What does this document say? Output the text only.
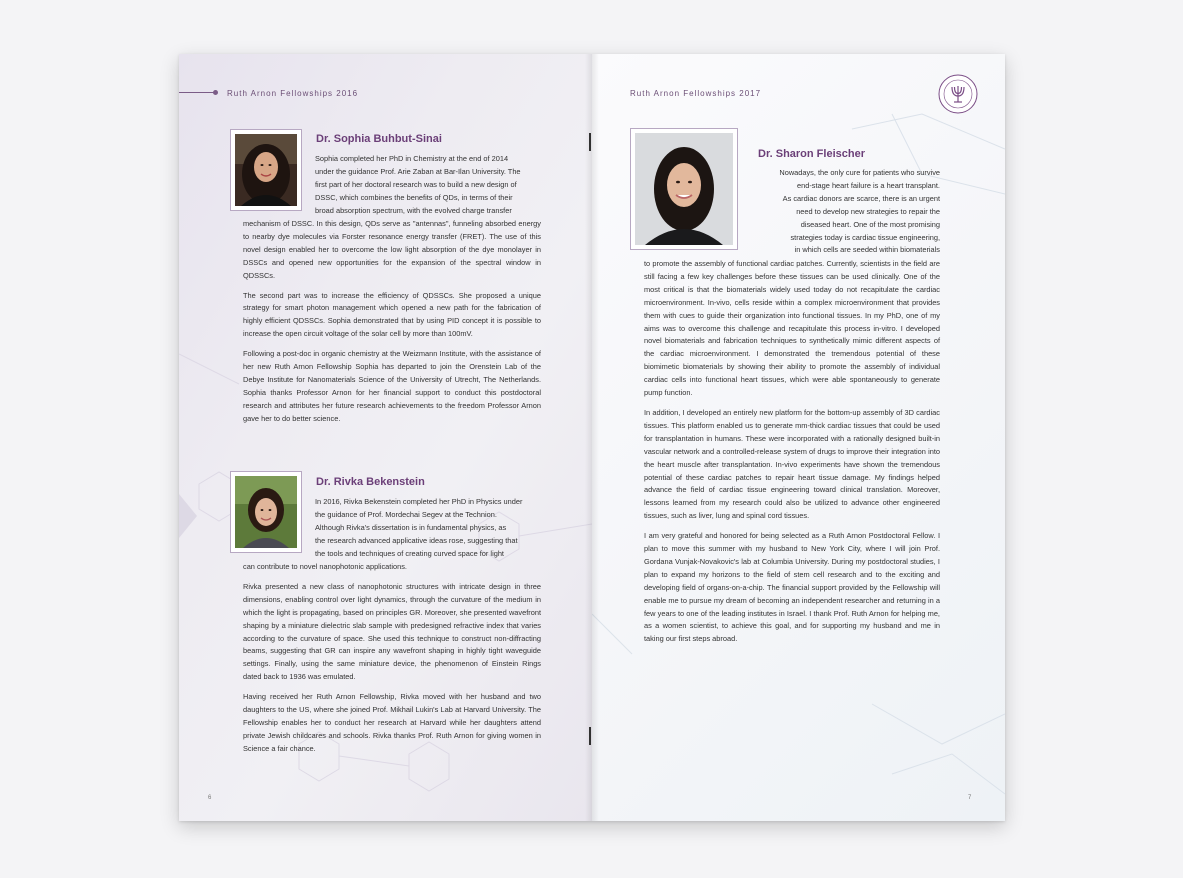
Ruth Arnon Fellowships 2016
Dr. Sophia Buhbut-Sinai
Sophia completed her PhD in Chemistry at the end of 2014
under the guidance Prof. Arie Zaban at Bar-Ilan University. The
first part of her doctoral research was to build a new design of
DSSC, which combines the benefits of QDs, in terms of their
broad absorption spectrum, with the evolved charge transfer

mechanism of DSSC. In this design, QDs serve as "antennas", funneling absorbed energy to nearby dye molecules via Forster resonance energy transfer (FRET). The use of this novel design enabled her to overcome the low light absorption of the dye monolayer in DSSCs and opened new opportunities for the expansion of the spectral window in QDSSCs.

The second part was to increase the efficiency of QDSSCs. She proposed a unique strategy for smart photon management which opened a new path for the fabrication of highly efficient QDSSCs. Sophia demonstrated that by using PID concept it is possible to increase the open circuit voltage of the solar cell by more than 100mV.

Following a post-doc in organic chemistry at the Weizmann Institute, with the assistance of her new Ruth Arnon Fellowship Sophia has departed to join the Orenstein Lab of the Debye Institute for Nanomaterials Science of the University of Utrecht, The Netherlands. Sophia thanks Professor Arnon for her financial support to conduct this postdoctoral research and attributes her future research achievements to the freedom Professor Arnon gave her to do better science.

Dr. Rivka Bekenstein
In 2016, Rivka Bekenstein completed her PhD in Physics under
the guidance of Prof. Mordechai Segev at the Technion.
Although Rivka's dissertation is in fundamental physics, as
the research advanced applicative ideas rose, suggesting that
the tools and techniques of creating curved space for light

can contribute to novel nanophotonic applications.

Rivka presented a new class of nanophotonic structures with intricate design in three dimensions, enabling control over light dynamics, through the curvature of the medium in which the light is propagating, based on principles GR. Moreover, she presented wavefront shaping by a miniature dielectric slab sample with predesigned refractive index that varies according to the curvature of space. She used this technique to construct non-diffracting beams, suggesting that GR can inspire any wavefront shaping in highly tight waveguide settings. Finally, using the same miniature device, the phenomenon of Einstein Rings dated back to 1936 was emulated.

Having received her Ruth Arnon Fellowship, Rivka moved with her husband and two daughters to the US, where she joined Prof. Mikhail Lukin's Lab at Harvard University. The Fellowship enables her to conduct her research at Harvard while her daughters attend private Jewish childcares and schools. Rivka thanks Prof. Ruth Arnon for giving women in Science a fair chance.

6
Ruth Arnon Fellowships 2017
Dr. Sharon Fleischer
Nowadays, the only cure for patients who survive
end-stage heart failure is a heart transplant.
As cardiac donors are scarce, there is an urgent
need to develop new strategies to repair the
diseased heart. One of the most promising
strategies today is cardiac tissue engineering,
in which cells are seeded within biomaterials

to promote the assembly of functional cardiac patches. Currently, scientists in the field are still facing a few key challenges before these tissues can be used clinically. One of the most critical is that the biomaterials widely used today do not recapitulate the cardiac microenvironment. In-vivo, cells reside within a complex microenvironment that provides them with cues to guide their organization into functional tissues. In my PhD, one of my aims was to overcome this challenge and recapitulate this process in-vitro. I developed novel biomaterials and fabrication techniques to synthetically mimic different aspects of the cardiac microenvironment. I demonstrated the tremendous potential of these biomimetic biomaterials by showing their ability to promote the assembly of individual cardiac cells into functional heart tissues, which were able spontaneously to generate pump function.

In addition, I developed an entirely new platform for the bottom-up assembly of 3D cardiac tissues. This platform enabled us to generate mm-thick cardiac tissues that could be used for transplantation in humans. These were incorporated with a rationally designed built-in vascular network and a controlled-release system of drugs to improve their integration into the heart muscle after transplantation. In-vivo experiments have shown the tremendous potential of these cardiac patches to repair heart tissue damage. My findings helped advance the field of cardiac tissue engineering toward clinical translation. Moreover, lessons learned from my research could also be utilized to advance other engineered tissues, such as liver, lung and spinal cord tissues.

I am very grateful and honored for being selected as a Ruth Arnon Postdoctoral Fellow. I plan to move this summer with my husband to New York City, where I will join Prof. Gordana Vunjak-Novakovic's lab at Columbia University. During my postdoctoral studies, I plan to expand my horizons to the field of stem cell research and to the exciting and developing field of organs-on-a-chip. The financial support provided by the Fellowship will enable me to pursue my dream of becoming an independent researcher and returning in a few years to one of the leading institutes in Israel. I thank Prof. Ruth Arnon for helping me, as a women scientist, to achieve this goal, and for supporting my husband and me in taking our first steps abroad.

7
